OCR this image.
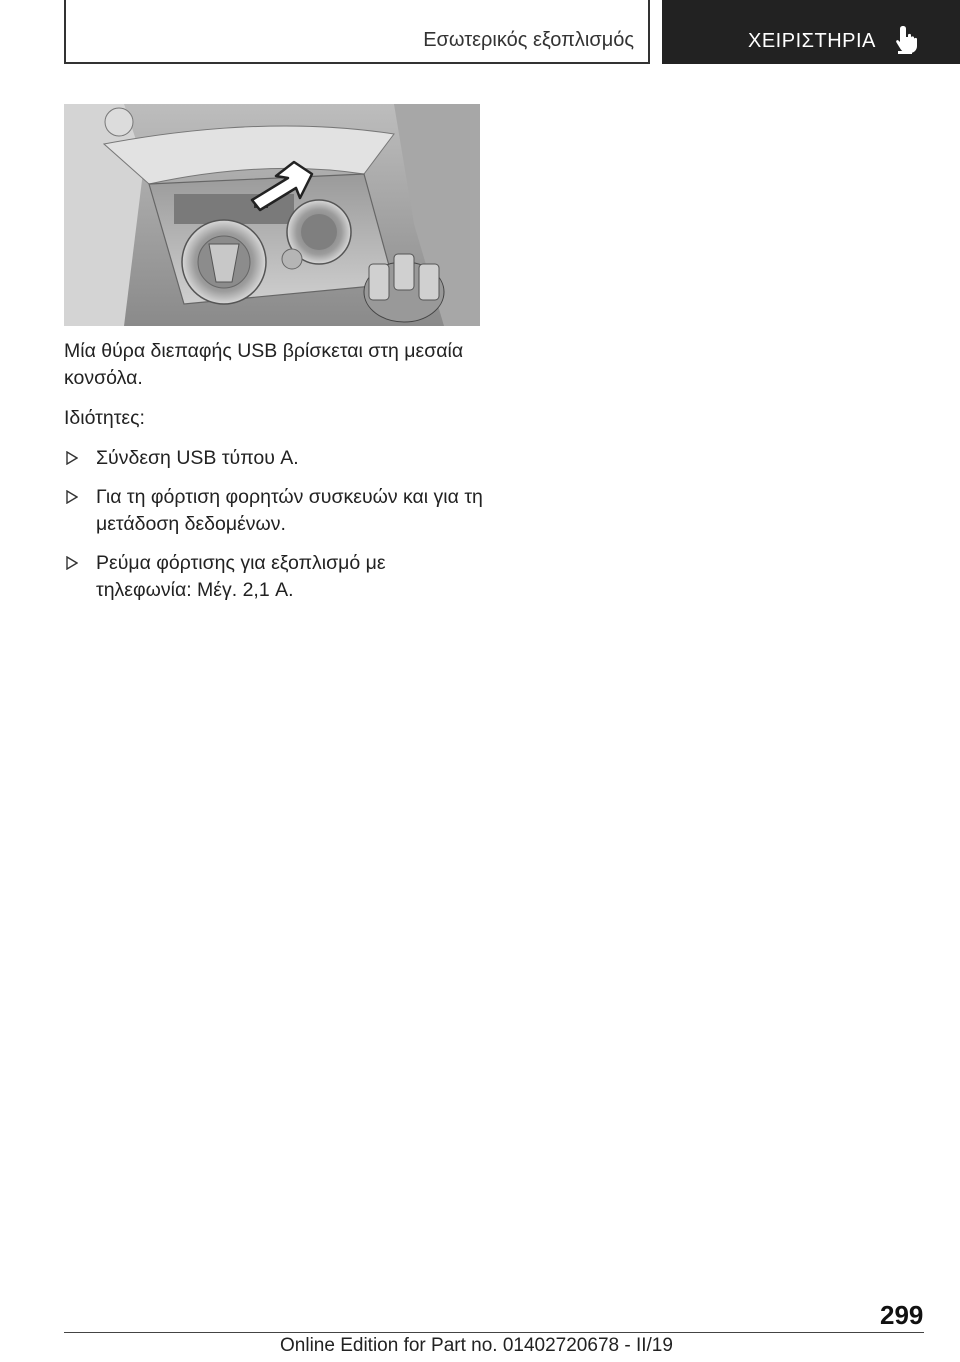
Εσωτερικός εξοπλισμός	ΧΕΙΡΙΣΤΗΡΙΑ

Μία θύρα διεπαφής USB βρίσκεται στη μεσαία κονσόλα.

Ιδιότητες:

Σύνδεση USB τύπου A.
Για τη φόρτιση φορητών συσκευών και για τη μετάδοση δεδομένων.
Ρεύμα φόρτισης για εξοπλισμό με τηλεφωνία: Μέγ. 2,1 A.
299
Online Edition for Part no. 01402720678 - II/19
